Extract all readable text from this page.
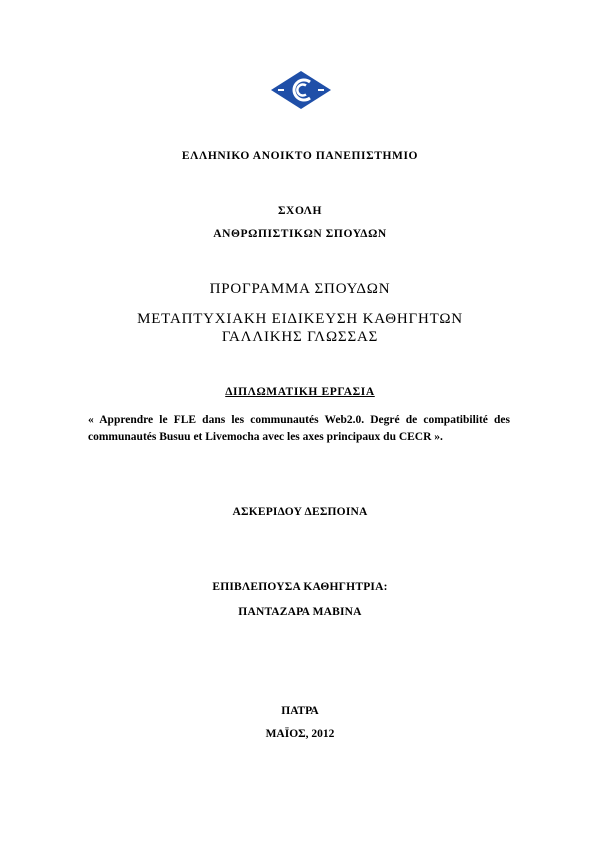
ΕΛΛΗΝΙΚΟ ΑΝΟΙΚΤΟ ΠΑΝΕΠΙΣΤΗΜΙΟ
ΣΧΟΛΗ
ΑΝΘΡΩΠΙΣΤΙΚΩΝ ΣΠΟΥΔΩΝ
ΠΡΟΓΡΑΜΜΑ ΣΠΟΥΔΩΝ
ΜΕΤΑΠΤΥΧΙΑΚΗ ΕΙΔΙΚΕΥΣΗ ΚΑΘΗΓΗΤΩΝ
ΓΑΛΛΙΚΗΣ ΓΛΩΣΣΑΣ
ΔΙΠΛΩΜΑΤΙΚΗ ΕΡΓΑΣΙΑ
« Apprendre le FLE dans les communautés Web2.0. Degré de compatibilité des
communautés Busuu et Livemocha avec les axes principaux du CECR ».
ΑΣΚΕΡΙΔΟΥ ΔΕΣΠΟΙΝΑ
ΕΠΙΒΛΕΠΟΥΣΑ ΚΑΘΗΓΗΤΡΙΑ:
ΠΑΝΤΑΖΑΡΑ ΜΑΒΙΝΑ
ΠΑΤΡΑ
ΜΑΪΟΣ, 2012
